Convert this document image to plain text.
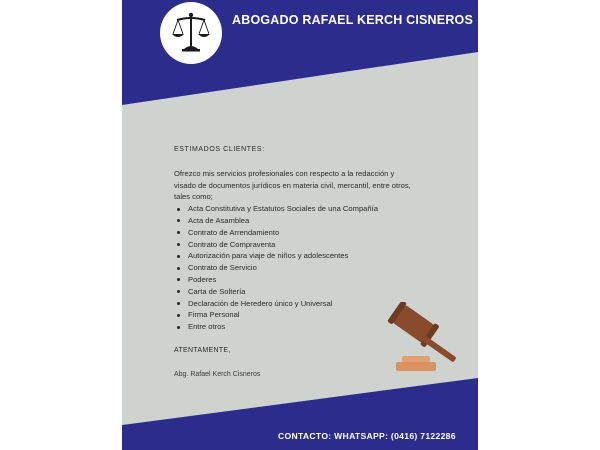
ABOGADO RAFAEL KERCH CISNEROS

ESTIMADOS CLIENTES:

Ofrezco mis servicios profesionales con respecto a la redacción y visado de documentos jurídicos en materia civil, mercantil, entre otros, tales como;

Acta Constitutiva y Estatutos Sociales de una Compañía
Acta de Asamblea
Contrato de Arrendamiento
Contrato de Compraventa
Autorización para viaje de niños y adolescentes
Contrato de Servicio
Poderes
Carta de Soltería
Declaración de Heredero único y Universal
Firma Personal
Entre otros

ATENTAMENTE,

Abg. Rafael Kerch Cisneros

CONTACTO: WHATSAPP: (0416) 7122286
